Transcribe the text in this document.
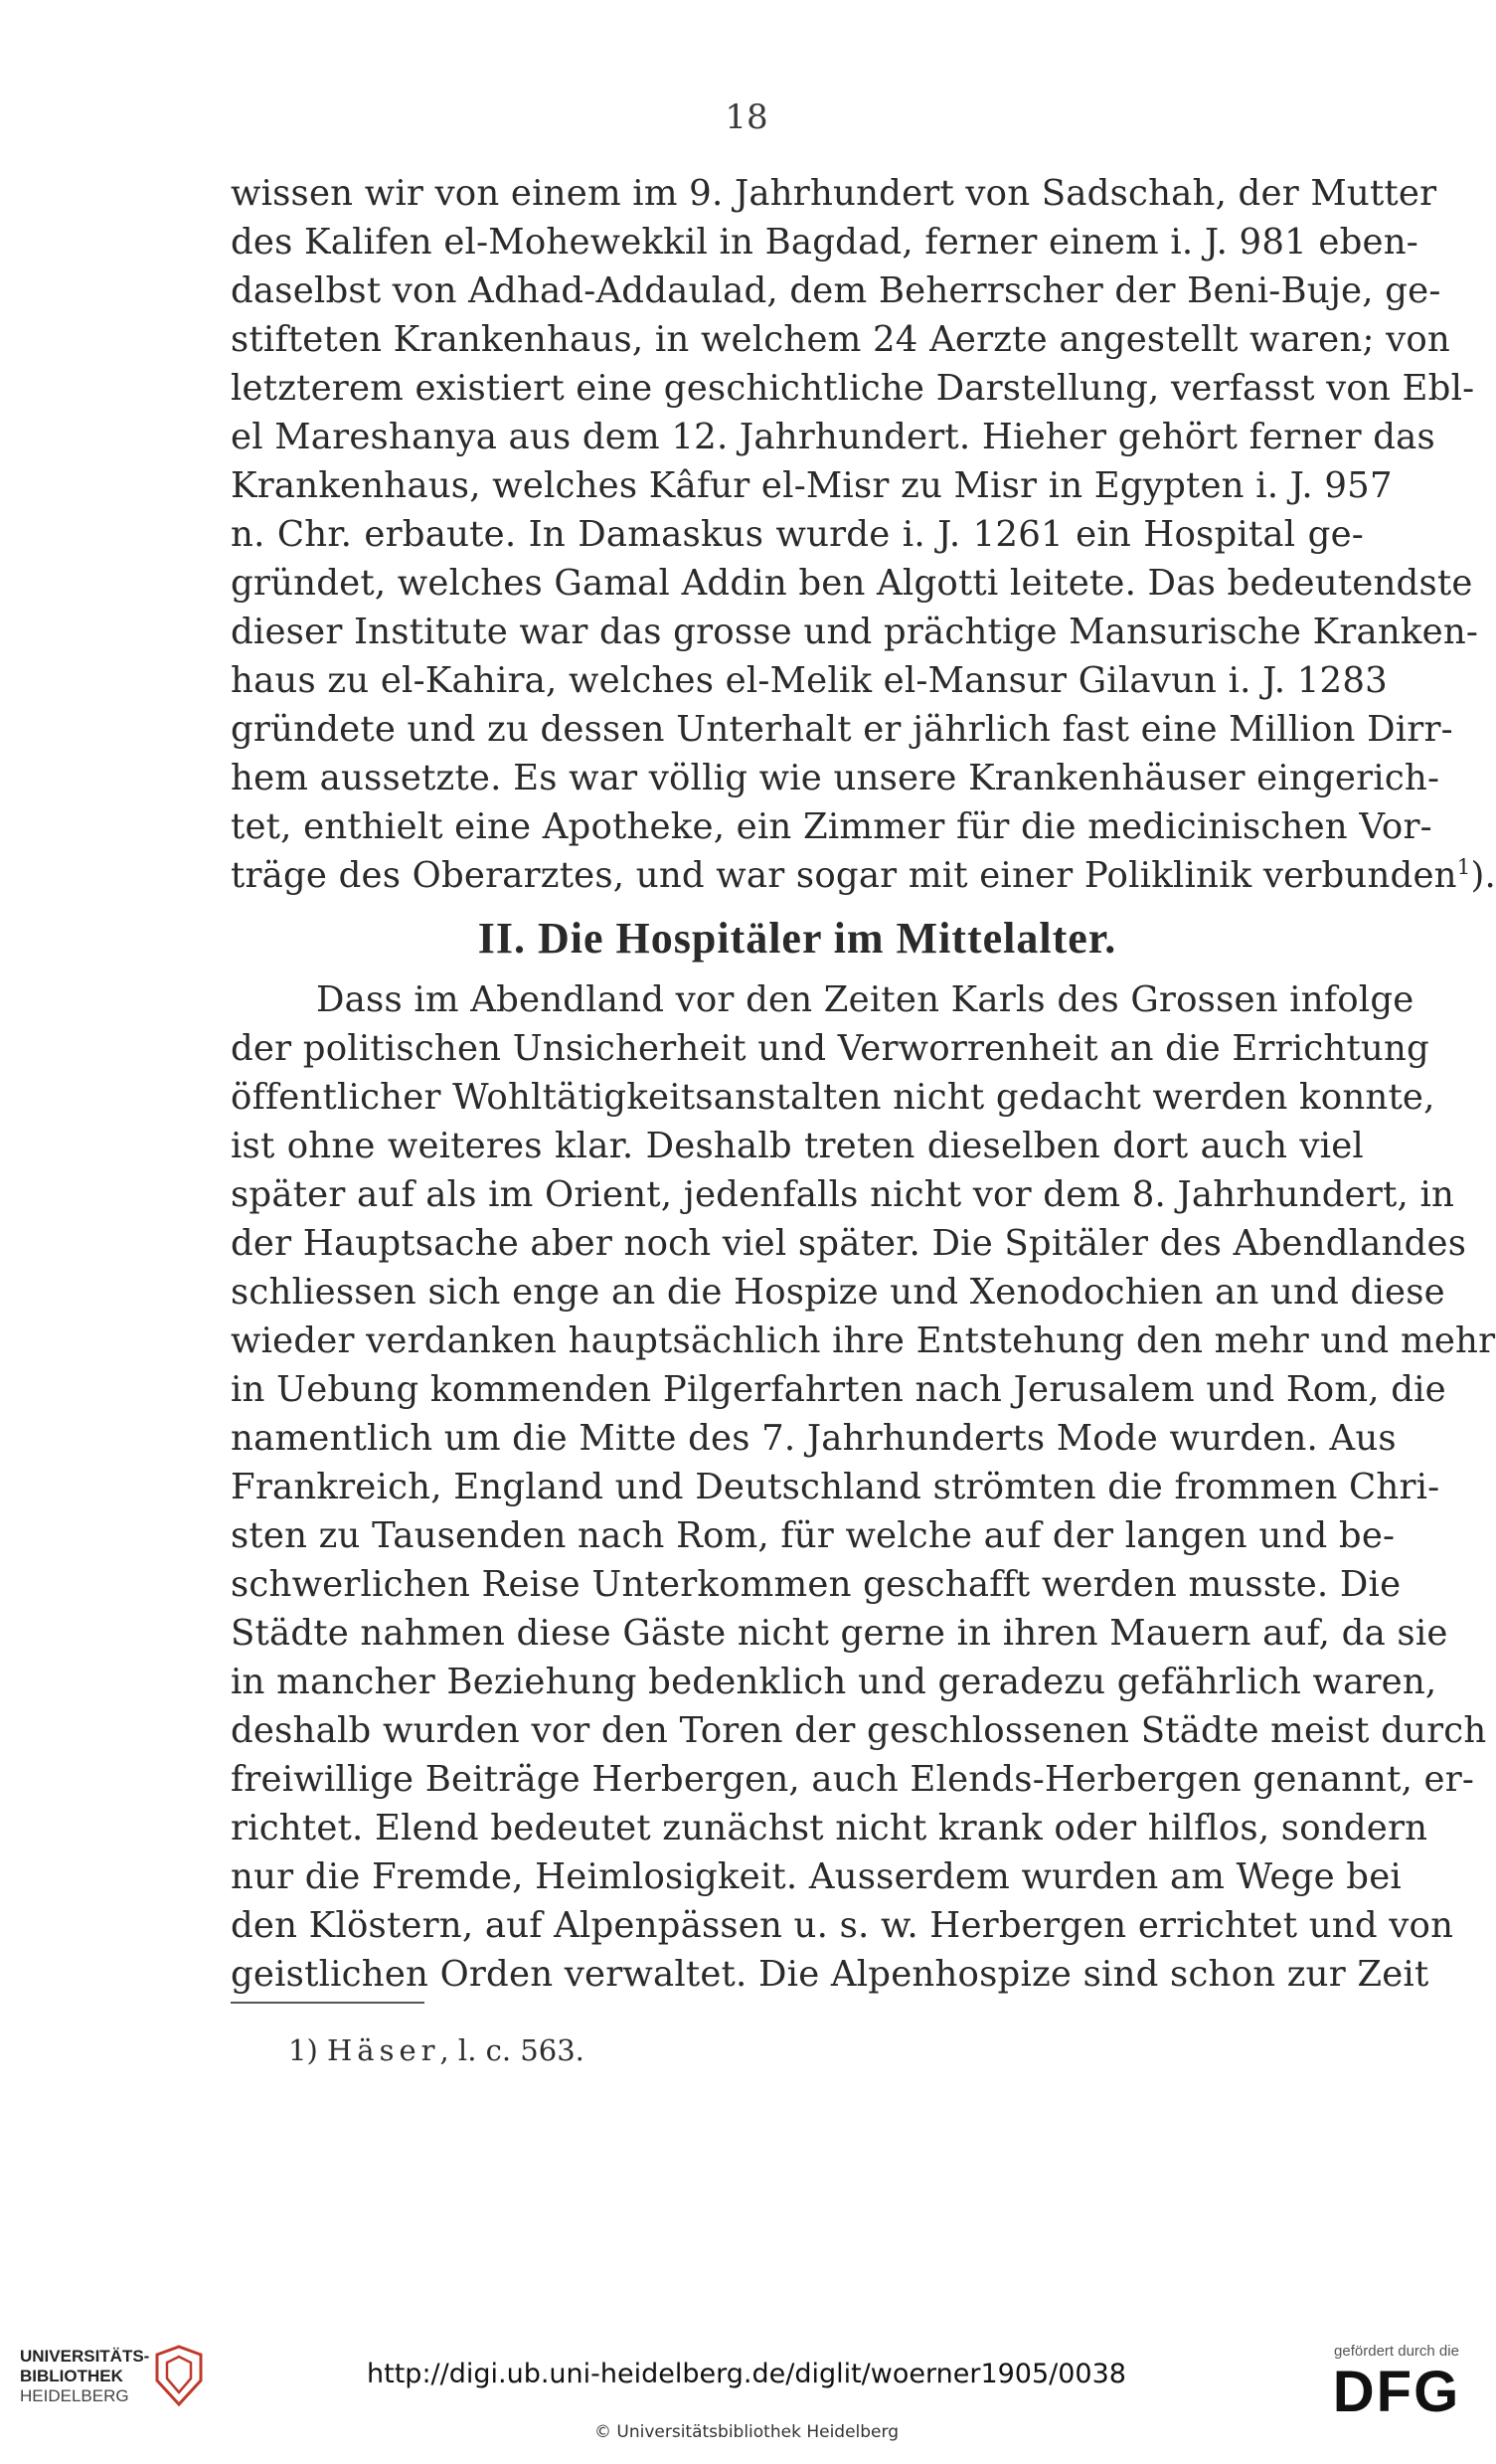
18
wissen wir von einem im 9. Jahrhundert von Sadschah, der Mutter
des Kalifen el-Mohewekkil in Bagdad, ferner einem i. J. 981 eben-
daselbst von Adhad-Addaulad, dem Beherrscher der Beni-Buje, ge-
stifteten Krankenhaus, in welchem 24 Aerzte angestellt waren; von
letzterem existiert eine geschichtliche Darstellung, verfasst von Ebl-
el Mareshanya aus dem 12. Jahrhundert. Hieher gehört ferner das
Krankenhaus, welches Kâfur el-Misr zu Misr in Egypten i. J. 957
n. Chr. erbaute. In Damaskus wurde i. J. 1261 ein Hospital ge-
gründet, welches Gamal Addin ben Algotti leitete. Das bedeutendste
dieser Institute war das grosse und prächtige Mansurische Kranken-
haus zu el-Kahira, welches el-Melik el-Mansur Gilavun i. J. 1283
gründete und zu dessen Unterhalt er jährlich fast eine Million Dirr-
hem aussetzte. Es war völlig wie unsere Krankenhäuser eingerich-
tet, enthielt eine Apotheke, ein Zimmer für die medicinischen Vor-
träge des Oberarztes, und war sogar mit einer Poliklinik verbunden$^1$).
II. Die Hospitäler im Mittelalter.
Dass im Abendland vor den Zeiten Karls des Grossen infolge
der politischen Unsicherheit und Verworrenheit an die Errichtung
öffentlicher Wohltätigkeitsanstalten nicht gedacht werden konnte,
ist ohne weiteres klar. Deshalb treten dieselben dort auch viel
später auf als im Orient, jedenfalls nicht vor dem 8. Jahrhundert, in
der Hauptsache aber noch viel später. Die Spitäler des Abendlandes
schliessen sich enge an die Hospize und Xenodochien an und diese
wieder verdanken hauptsächlich ihre Entstehung den mehr und mehr
in Uebung kommenden Pilgerfahrten nach Jerusalem und Rom, die
namentlich um die Mitte des 7. Jahrhunderts Mode wurden. Aus
Frankreich, England und Deutschland strömten die frommen Chri-
sten zu Tausenden nach Rom, für welche auf der langen und be-
schwerlichen Reise Unterkommen geschafft werden musste. Die
Städte nahmen diese Gäste nicht gerne in ihren Mauern auf, da sie
in mancher Beziehung bedenklich und geradezu gefährlich waren,
deshalb wurden vor den Toren der geschlossenen Städte meist durch
freiwillige Beiträge Herbergen, auch Elends-Herbergen genannt, er-
richtet. Elend bedeutet zunächst nicht krank oder hilflos, sondern
nur die Fremde, Heimlosigkeit. Ausserdem wurden am Wege bei
den Klöstern, auf Alpenpässen u. s. w. Herbergen errichtet und von
geistlichen Orden verwaltet. Die Alpenhospize sind schon zur Zeit
1) Häser, l. c. 563.
UNIVERSITÄTS-
BIBLIOTHEK
HEIDELBERG
http://digi.ub.uni-heidelberg.de/diglit/woerner1905/0038
© Universitätsbibliothek Heidelberg
gefördert durch die
DFG
